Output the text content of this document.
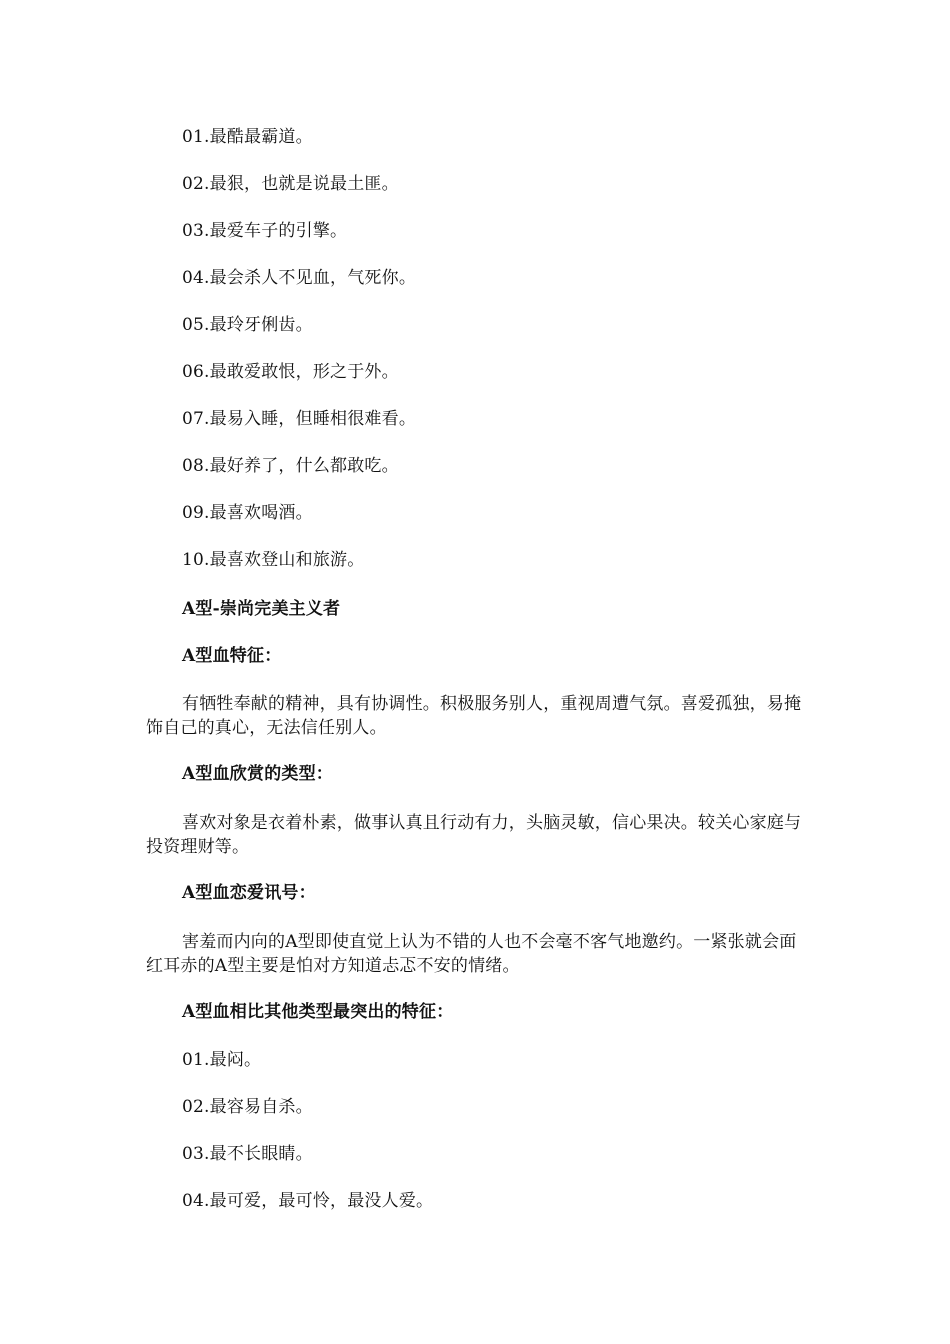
01.最酷最霸道。
02.最狠，也就是说最土匪。
03.最爱车子的引擎。
04.最会杀人不见血，气死你。
05.最玲牙俐齿。
06.最敢爱敢恨，形之于外。
07.最易入睡，但睡相很难看。
08.最好养了，什么都敢吃。
09.最喜欢喝酒。
10.最喜欢登山和旅游。
A型-崇尚完美主义者
A型血特征：
有牺牲奉献的精神，具有协调性。积极服务别人，重视周遭气氛。喜爱孤独，易掩饰自己的真心，无法信任别人。
A型血欣赏的类型：
喜欢对象是衣着朴素，做事认真且行动有力，头脑灵敏，信心果决。较关心家庭与投资理财等。
A型血恋爱讯号：
害羞而内向的A型即使直觉上认为不错的人也不会毫不客气地邀约。一紧张就会面红耳赤的A型主要是怕对方知道忐忑不安的情绪。
A型血相比其他类型最突出的特征：
01.最闷。
02.最容易自杀。
03.最不长眼睛。
04.最可爱，最可怜，最没人爱。
